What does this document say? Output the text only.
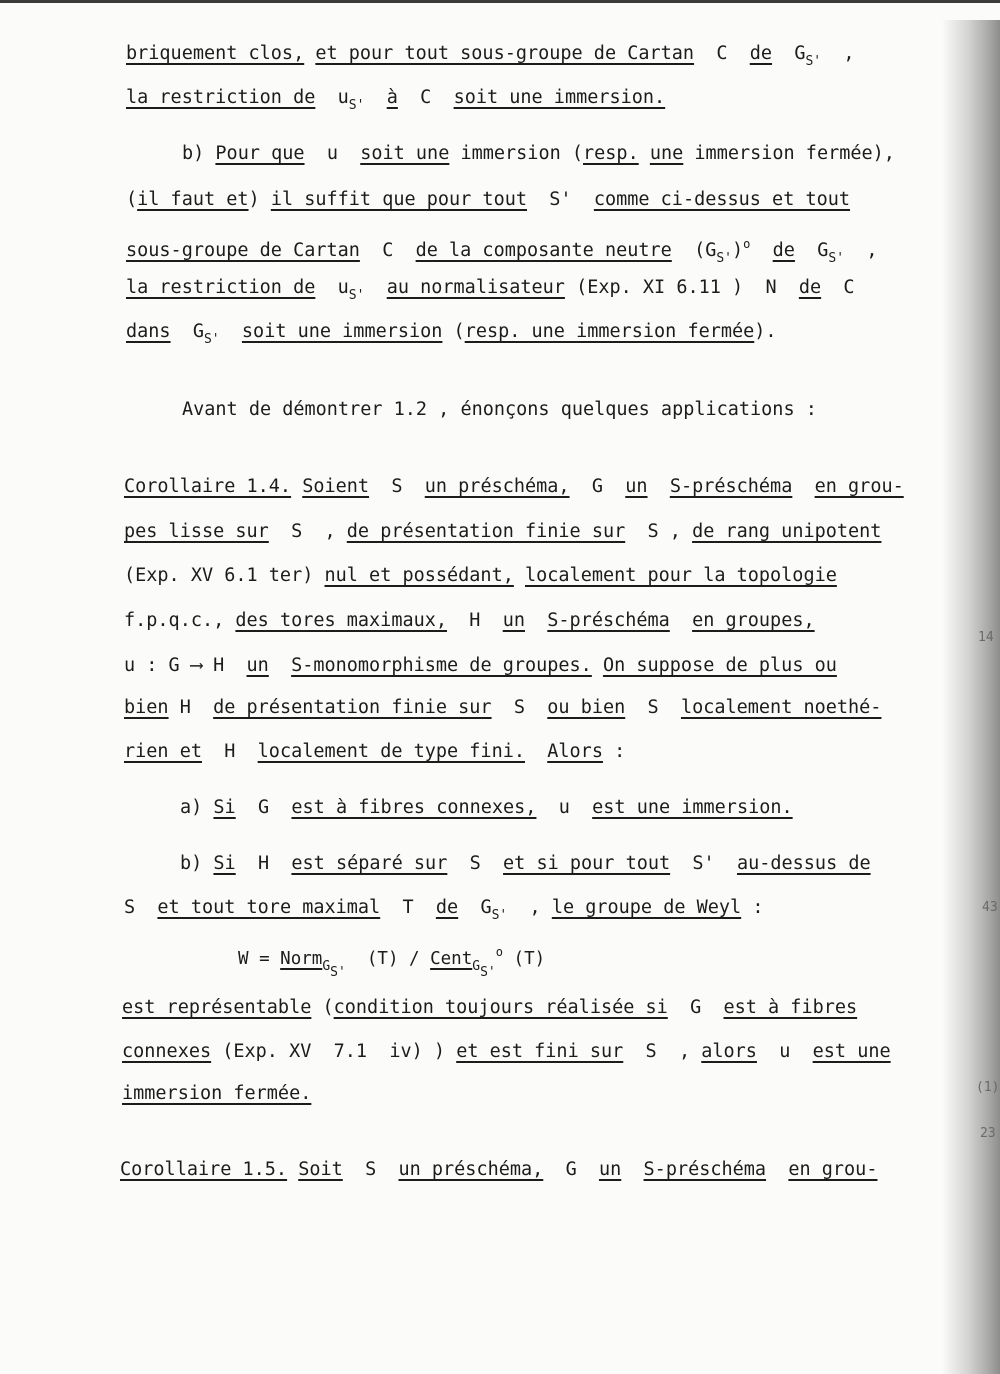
14
43
(1)
23
briquement clos, et pour tout sous-groupe de Cartan C de $G_{S'}$ ,
la restriction de $u_{S'}$ à C soit une immersion.
b) Pour que u soit une immersion (resp. une immersion fermée),
(il faut et) il suffit que pour tout S' comme ci-dessus et tout
sous-groupe de Cartan C de la composante neutre $(G_{S'})^o$ de $G_{S'}$ ,
la restriction de $u_{S'}$ au normalisateur (Exp. XI 6.11 ) N de C
dans $G_{S'}$ soit une immersion (resp. une immersion fermée).
Avant de démontrer 1.2 , énonçons quelques applications :
Corollaire 1.4. Soient S un préschéma, G un S-préschéma en grou-
pes lisse sur S , de présentation finie sur S , de rang unipotent
(Exp. XV 6.1 ter) nul et possédant, localement pour la topologie
f.p.q.c., des tores maximaux, H un S-préschéma en groupes,
u : G ⟶ H un S-monomorphisme de groupes. On suppose de plus ou
bien H de présentation finie sur S ou bien S localement noethé-
rien et H localement de type fini. Alors :
a) Si G est à fibres connexes, u est une immersion.
b) Si H est séparé sur S et si pour tout S' au-dessus de
S et tout tore maximal T de $G_{S'}$ , le groupe de Weyl :
W = Norm$_{G_{S'}}$  (T) / Cent$_{G_{S'}}^o$ (T)
est représentable (condition toujours réalisée si G est à fibres
connexes (Exp. XV 7.1 iv) ) et est fini sur S , alors u est une
immersion fermée.
Corollaire 1.5. Soit S un préschéma, G un S-préschéma en grou-
